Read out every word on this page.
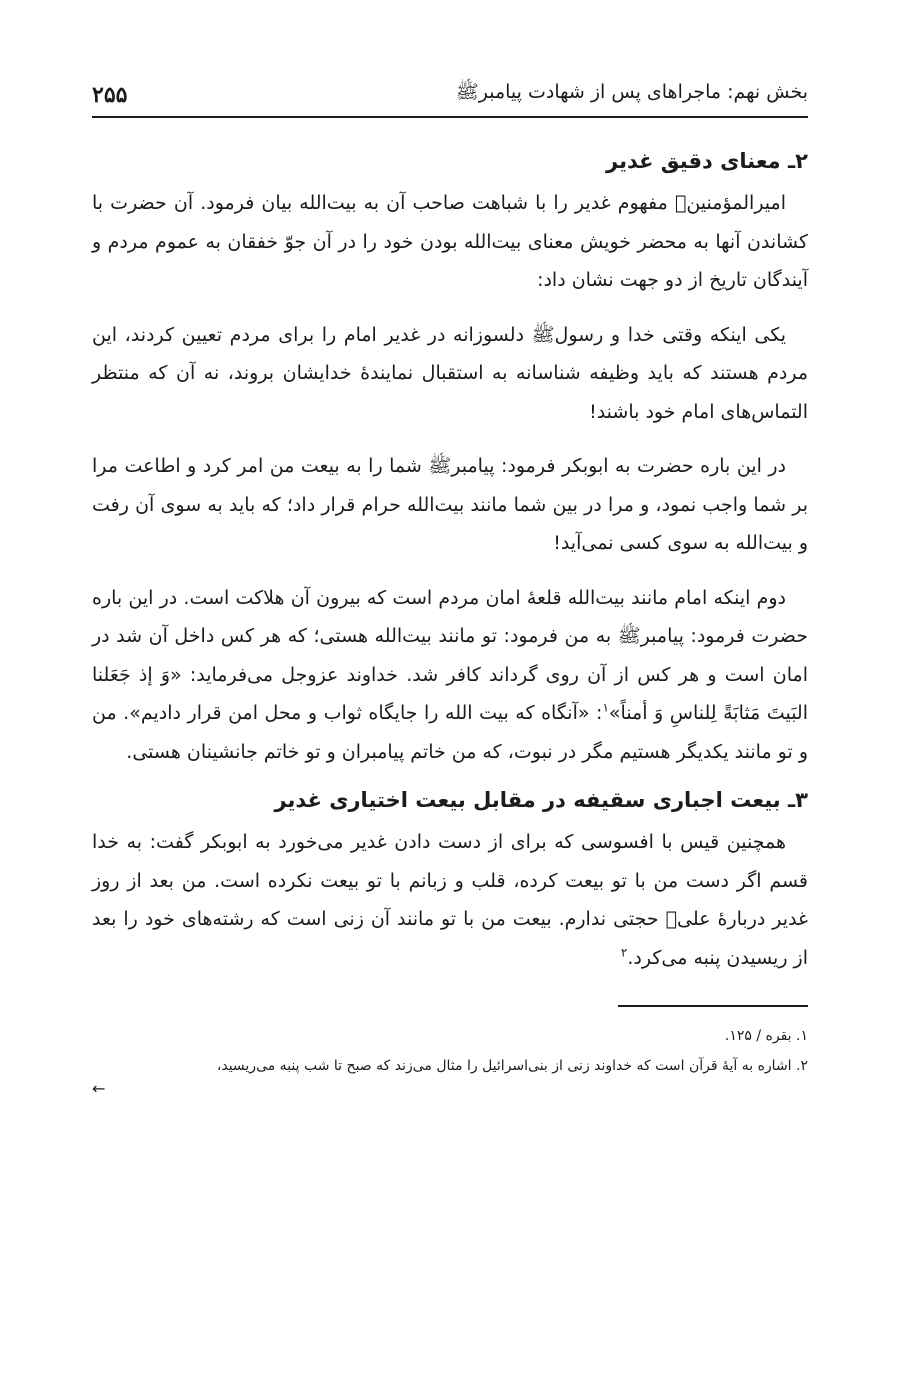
بخش نهم: ماجراهای پس از شهادت پیامبرﷺ
۲۵۵
۲ـ معنای دقیق غدیر

امیرالمؤمنینؑ مفهوم غدیر را با شباهت صاحب آن به بیت‌الله بیان فرمود. آن حضرت با کشاندن آنها به محضر خویش معنای بیت‌الله بودن خود را در آن جوّ خفقان به عموم مردم و آیندگان تاریخ از دو جهت نشان داد:

یکی اینکه وقتی خدا و رسولﷺ دلسوزانه در غدیر امام را برای مردم تعیین کردند، این مردم هستند که باید وظیفه شناسانه به استقبال نمایندهٔ خدایشان بروند، نه آن که منتظر التماس‌های امام خود باشند!

در این باره حضرت به ابوبکر فرمود: پیامبرﷺ شما را به بیعت من امر کرد و اطاعت مرا بر شما واجب نمود، و مرا در بین شما مانند بیت‌الله حرام قرار داد؛ که باید به سوی آن رفت و بیت‌الله به سوی کسی نمی‌آید!

دوم اینکه امام مانند بیت‌الله قلعهٔ امان مردم است که بیرون آن هلاکت است. در این باره حضرت فرمود: پیامبرﷺ به من فرمود: تو مانند بیت‌الله هستی؛ که هر کس داخل آن شد در امان است و هر کس از آن روی گرداند کافر شد. خداوند عزوجل می‌فرماید: «وَ إذ جَعَلنا البَیتَ مَثابَةً لِلناسِ وَ أمناً»$^۱$: «آنگاه که بیت الله را جایگاه ثواب و محل امن قرار دادیم». من و تو مانند یکدیگر هستیم مگر در نبوت، که من خاتم پیامبران و تو خاتم جانشینان هستی.

۳ـ بیعت اجباری سقیفه در مقابل بیعت اختیاری غدیر

همچنین قیس با افسوسی که برای از دست دادن غدیر می‌خورد به ابوبکر گفت: به خدا قسم اگر دست من با تو بیعت کرده، قلب و زبانم با تو بیعت نکرده است. من بعد از روز غدیر دربارهٔ علیؑ حجتی ندارم. بیعت من با تو مانند آن زنی است که رشته‌های خود را بعد از ریسیدن پنبه می‌کرد.$^۲$

۱. بقره / ۱۲۵.

۲. اشاره به آیهٔ قرآن است که خداوند زنی از بنی‌اسرائیل را مثال می‌زند که صبح تا شب پنبه می‌ریسید،

←
